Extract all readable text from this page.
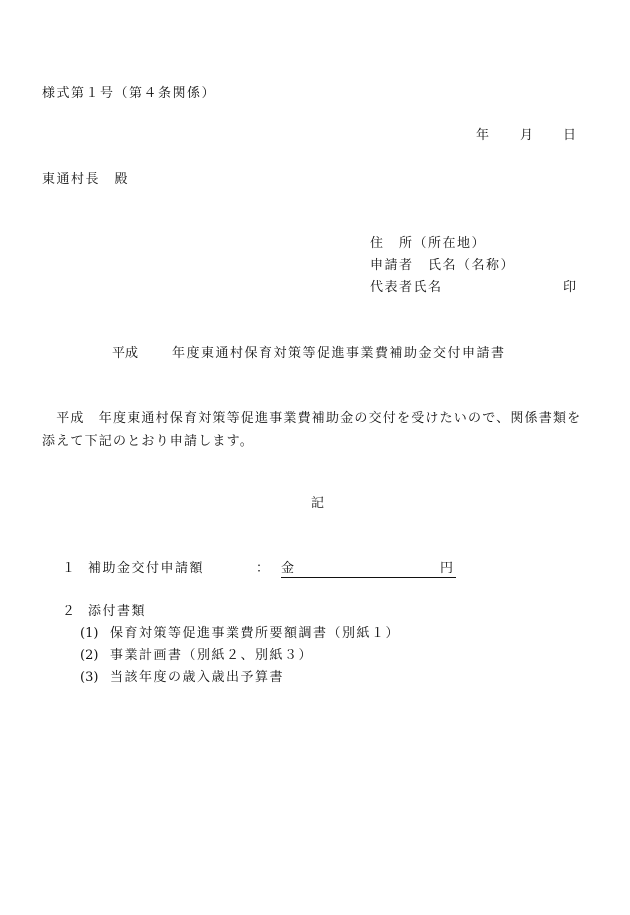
様式第１号（第４条関係）
年 月 日
東通村長　殿
住　所（所在地）
申請者　氏名（名称）
代表者氏名	印
平成	年度東通村保育対策等促進事業費補助金交付申請書
　平成　年度東通村保育対策等促進事業費補助金の交付を受けたいので、関係書類を添えて下記のとおり申請します。
記
１ 補助金交付申請額	： 金	円
２ 添付書類
(1) 保育対策等促進事業費所要額調書（別紙１）
(2) 事業計画書（別紙２、別紙３）
(3) 当該年度の歳入歳出予算書
